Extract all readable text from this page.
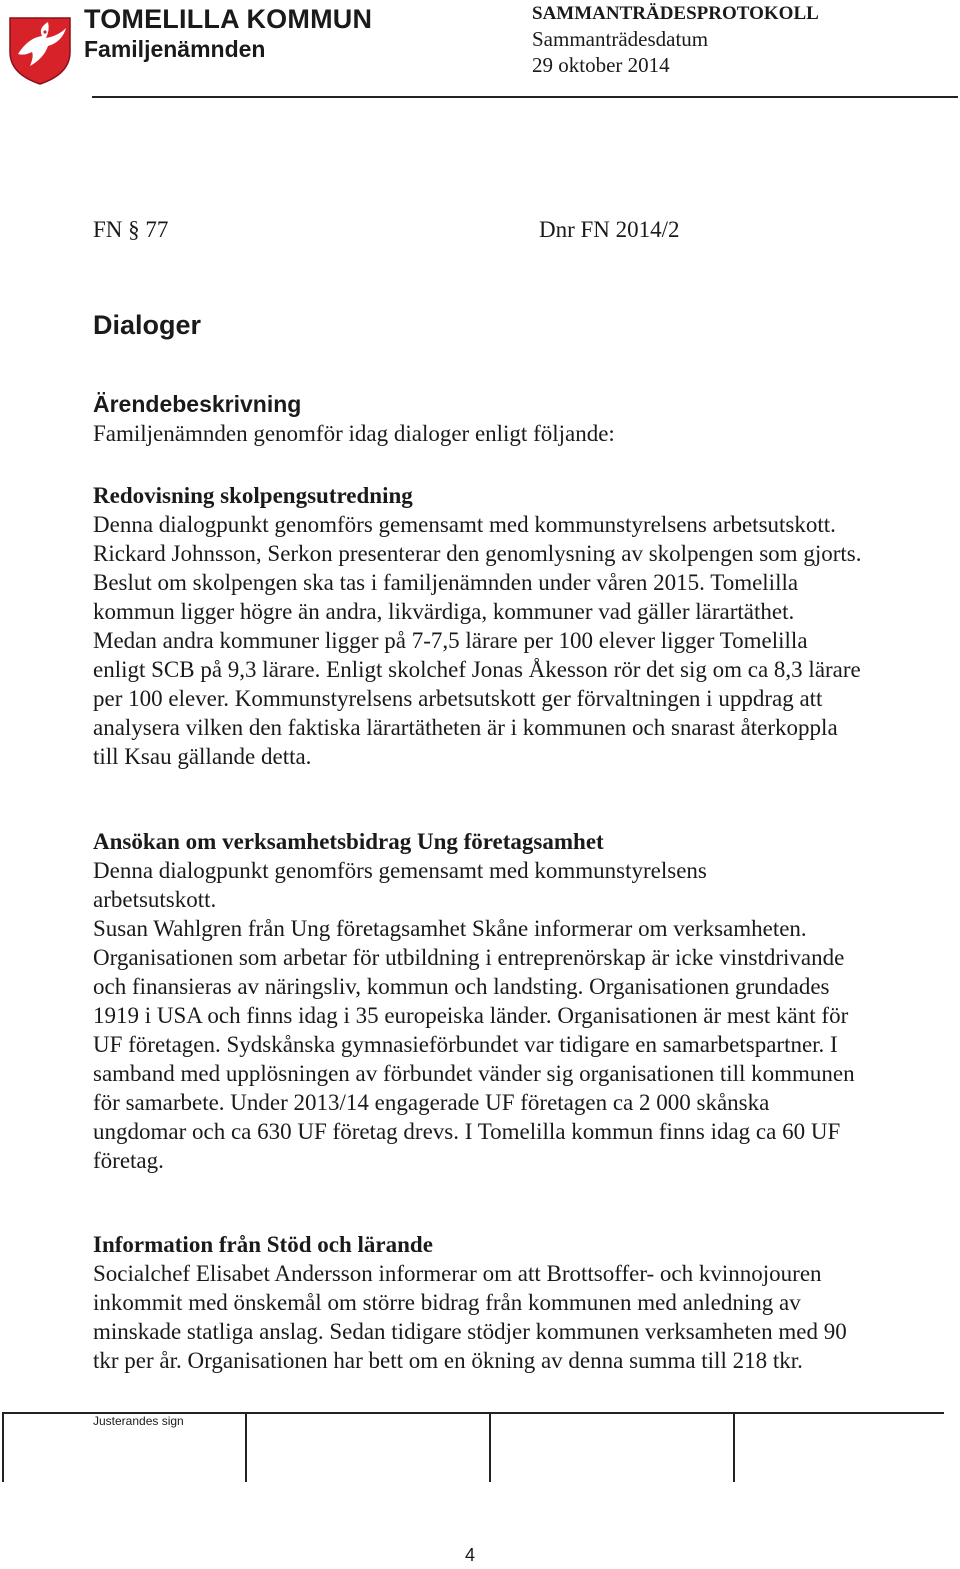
TOMELILLA KOMMUN
Familjenämnden
SAMMANTRÄDESPROTOKOLL
Sammanträdesdatum
29 oktober 2014
FN § 77	Dnr FN 2014/2
Dialoger
Ärendebeskrivning

Familjenämnden genomför idag dialoger enligt följande:

Redovisning skolpengsutredning

Denna dialogpunkt genomförs gemensamt med kommunstyrelsens arbetsutskott.

Rickard Johnsson, Serkon presenterar den genomlysning av skolpengen som gjorts. Beslut om skolpengen ska tas i familjenämnden under våren 2015. Tomelilla kommun ligger högre än andra, likvärdiga, kommuner vad gäller lärartäthet. Medan andra kommuner ligger på 7-7,5 lärare per 100 elever ligger Tomelilla enligt SCB på 9,3 lärare. Enligt skolchef Jonas Åkesson rör det sig om ca 8,3 lärare per 100 elever. Kommunstyrelsens arbetsutskott ger förvaltningen i uppdrag att analysera vilken den faktiska lärartätheten är i kommunen och snarast återkoppla till Ksau gällande detta.

Ansökan om verksamhetsbidrag Ung företagsamhet

Denna dialogpunkt genomförs gemensamt med kommunstyrelsens arbetsutskott.

Susan Wahlgren från Ung företagsamhet Skåne informerar om verksamheten. Organisationen som arbetar för utbildning i entreprenörskap är icke vinstdrivande och finansieras av näringsliv, kommun och landsting. Organisationen grundades 1919 i USA och finns idag i 35 europeiska länder. Organisationen är mest känt för UF företagen. Sydskånska gymnasieförbundet var tidigare en samarbetspartner. I samband med upplösningen av förbundet vänder sig organisationen till kommunen för samarbete. Under 2013/14 engagerade UF företagen ca 2 000 skånska ungdomar och ca 630 UF företag drevs. I Tomelilla kommun finns idag ca 60 UF företag.

Information från Stöd och lärande

Socialchef Elisabet Andersson informerar om att Brottsoffer- och kvinnojouren inkommit med önskemål om större bidrag från kommunen med anledning av minskade statliga anslag. Sedan tidigare stödjer kommunen verksamheten med 90 tkr per år. Organisationen har bett om en ökning av denna summa till 218 tkr.

Justerandes sign
4
